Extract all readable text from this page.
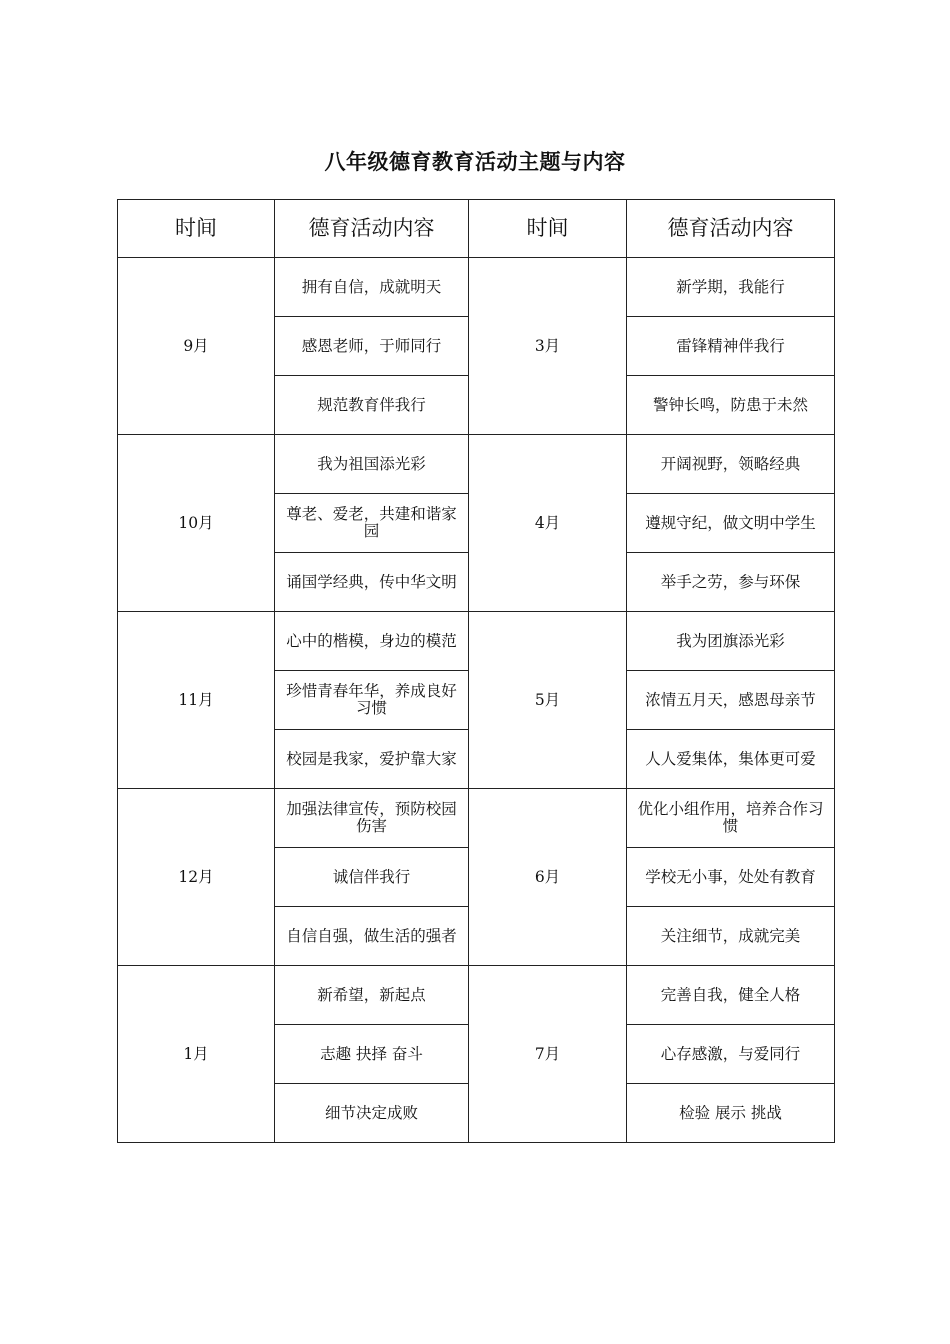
八年级德育教育活动主题与内容
时间	德育活动内容	时间	德育活动内容
9月	拥有自信，成就明天	3月	新学期，我能行
	感恩老师，于师同行		雷锋精神伴我行
	规范教育伴我行		警钟长鸣，防患于未然
10月	我为祖国添光彩	4月	开阔视野，领略经典
	尊老、爱老，共建和谐家园		遵规守纪，做文明中学生
	诵国学经典，传中华文明		举手之劳，参与环保
11月	心中的楷模，身边的模范	5月	我为团旗添光彩
	珍惜青春年华，养成良好习惯		浓情五月天，感恩母亲节
	校园是我家，爱护靠大家		人人爱集体，集体更可爱
12月	加强法律宣传，预防校园伤害	6月	优化小组作用，培养合作习惯
	诚信伴我行		学校无小事，处处有教育
	自信自强，做生活的强者		关注细节，成就完美
1月	新希望，新起点	7月	完善自我，健全人格
	志趣 抉择 奋斗		心存感激，与爱同行
	细节决定成败		检验 展示 挑战
